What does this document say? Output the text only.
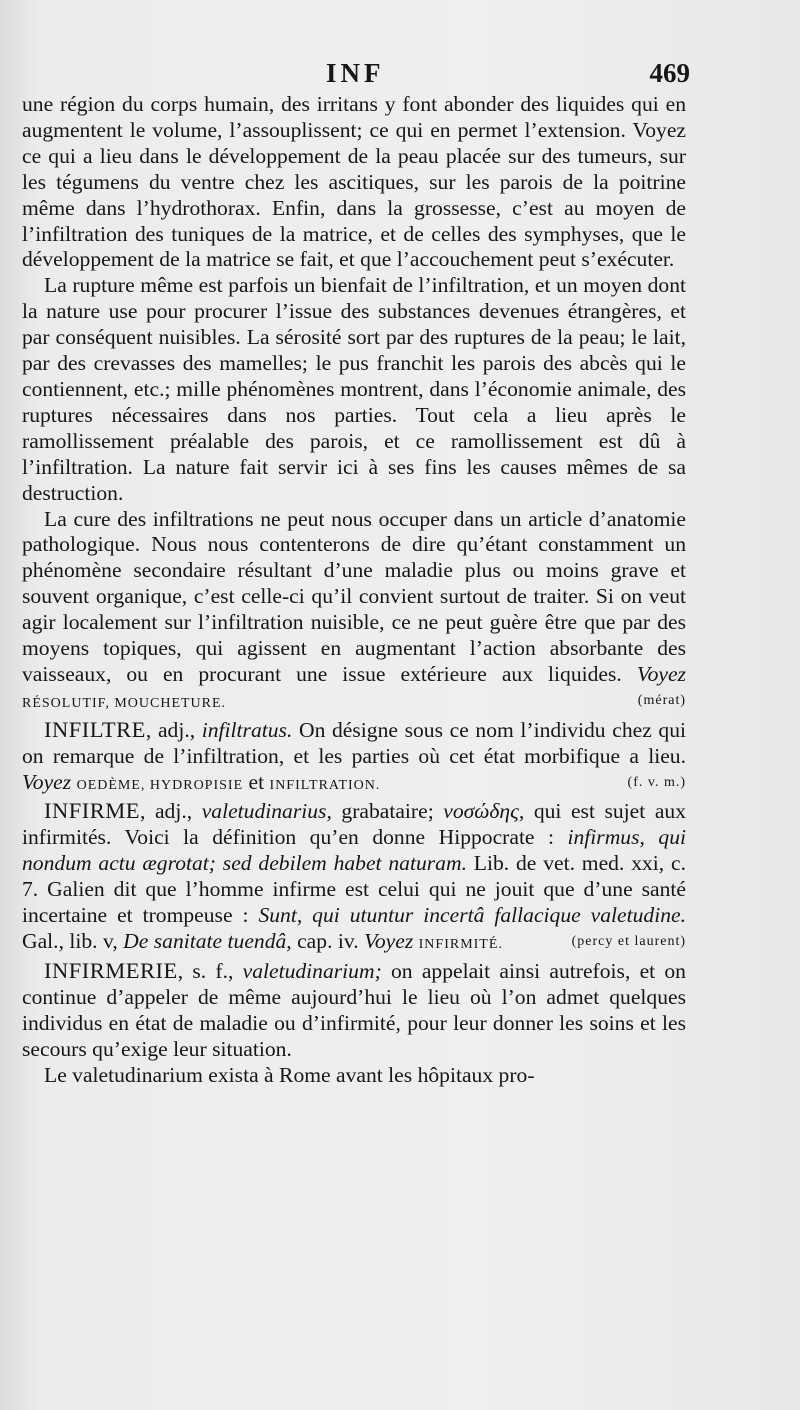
INF	469

une région du corps humain, des irritans y font abonder des liquides qui en augmentent le volume, l’assouplissent; ce qui en permet l’extension. Voyez ce qui a lieu dans le développement de la peau placée sur des tumeurs, sur les tégumens du ventre chez les ascitiques, sur les parois de la poitrine même dans l’hydrothorax. Enfin, dans la grossesse, c’est au moyen de l’infiltration des tuniques de la matrice, et de celles des symphyses, que le développement de la matrice se fait, et que l’accouchement peut s’exécuter.

La rupture même est parfois un bienfait de l’infiltration, et un moyen dont la nature use pour procurer l’issue des substances devenues étrangères, et par conséquent nuisibles. La sérosité sort par des ruptures de la peau; le lait, par des crevasses des mamelles; le pus franchit les parois des abcès qui le contiennent, etc.; mille phénomènes montrent, dans l’économie animale, des ruptures nécessaires dans nos parties. Tout cela a lieu après le ramollissement préalable des parois, et ce ramollissement est dû à l’infiltration. La nature fait servir ici à ses fins les causes mêmes de sa destruction.

La cure des infiltrations ne peut nous occuper dans un article d’anatomie pathologique. Nous nous contenterons de dire qu’étant constamment un phénomène secondaire résultant d’une maladie plus ou moins grave et souvent organique, c’est celle-ci qu’il convient surtout de traiter. Si on veut agir localement sur l’infiltration nuisible, ce ne peut guère être que par des moyens topiques, qui agissent en augmentant l’action absorbante des vaisseaux, ou en procurant une issue extérieure aux liquides. Voyez RÉSOLUTIF, MOUCHETURE.	(mérat)

INFILTRE, adj., infiltratus. On désigne sous ce nom l’individu chez qui on remarque de l’infiltration, et les parties où cet état morbifique a lieu. Voyez OEDÈME, HYDROPISIE et INFILTRATION.	(f. v. m.)

INFIRME, adj., valetudinarius, grabataire; νοσώδης, qui est sujet aux infirmités. Voici la définition qu’en donne Hippocrate : infirmus, qui nondum actu ægrotat; sed debilem habet naturam. Lib. de vet. med. xxi, c. 7. Galien dit que l’homme infirme est celui qui ne jouit que d’une santé incertaine et trompeuse : Sunt, qui utuntur incertâ fallacique valetudine. Gal., lib. v, De sanitate tuendâ, cap. iv. Voyez INFIRMITÉ.	(percy et laurent)

INFIRMERIE, s. f., valetudinarium; on appelait ainsi autrefois, et on continue d’appeler de même aujourd’hui le lieu où l’on admet quelques individus en état de maladie ou d’infirmité, pour leur donner les soins et les secours qu’exige leur situation.

Le valetudinarium exista à Rome avant les hôpitaux pro-
